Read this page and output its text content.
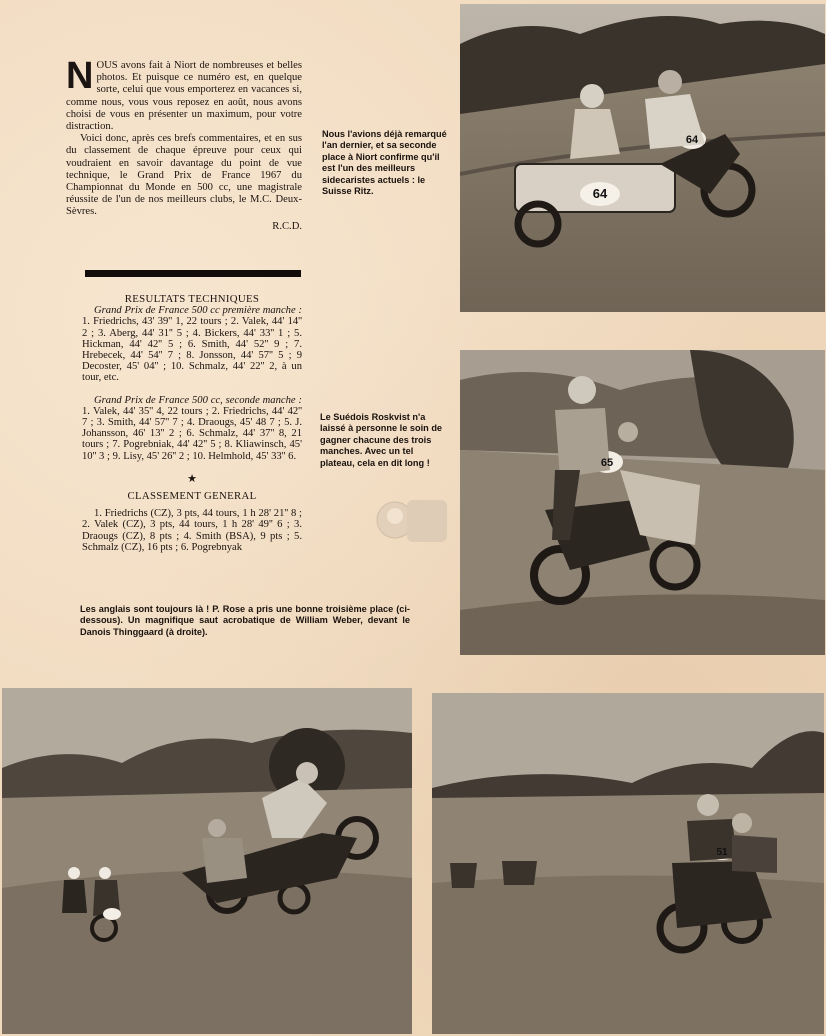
N OUS avons fait à Niort de nombreuses et belles photos. Et puisque ce numéro est, en quelque sorte, celui que vous emporterez en vacances si, comme nous, vous vous reposez en août, nous avons choisi de vous en présenter un maximum, pour votre distraction.

Voici donc, après ces brefs commentaires, et en sus du classement de chaque épreuve pour ceux qui voudraient en savoir davantage du point de vue technique, le Grand Prix de France 1967 du Championnat du Monde en 500 cc, une magistrale réussite de l'un de nos meilleurs clubs, le M.C. Deux-Sèvres.

R.C.D.
RESULTATS TECHNIQUES

Grand Prix de France 500 cc première manche : 1. Friedrichs, 43' 39'' 1, 22 tours ; 2. Valek, 44' 14'' 2 ; 3. Aberg, 44' 31'' 5 ; 4. Bickers, 44' 33'' 1 ; 5. Hickman, 44' 42'' 5 ; 6. Smith, 44' 52'' 9 ; 7. Hrebecek, 44' 54'' 7 ; 8. Jonsson, 44' 57'' 5 ; 9 Decoster, 45' 04'' ; 10. Schmalz, 44' 22'' 2, à un tour, etc.

Grand Prix de France 500 cc, seconde manche : 1. Valek, 44' 35'' 4, 22 tours ; 2. Friedrichs, 44' 42'' 7 ; 3. Smith, 44' 57'' 7 ; 4. Draougs, 45' 48 7 ; 5. J. Johansson, 46' 13'' 2 ; 6. Schmalz, 44' 37'' 8, 21 tours ; 7. Pogrebniak, 44' 42'' 5 ; 8. Kliawinsch, 45' 10'' 3 ; 9. Lisy, 45' 26'' 2 ; 10. Helmhold, 45' 33'' 6.

★
CLASSEMENT GENERAL

1. Friedrichs (CZ), 3 pts, 44 tours, 1 h 28' 21'' 8 ; 2. Valek (CZ), 3 pts, 44 tours, 1 h 28' 49'' 6 ; 3. Draougs (CZ), 8 pts ; 4. Smith (BSA), 9 pts ; 5. Schmalz (CZ), 16 pts ; 6. Pogrebnyak

Nous l'avions déjà remarqué l'an dernier, et sa seconde place à Niort confirme qu'il est l'un des meilleurs sidecaristes actuels : le Suisse Ritz.
Le Suédois Roskvist n'a laissé à personne le soin de gagner chacune des trois manches. Avec un tel plateau, cela en dit long !
Les anglais sont toujours là ! P. Rose a pris une bonne troisième place (ci-dessous). Un magnifique saut acrobatique de William Weber, devant le Danois Thinggaard (à droite).
64
64
65
51
